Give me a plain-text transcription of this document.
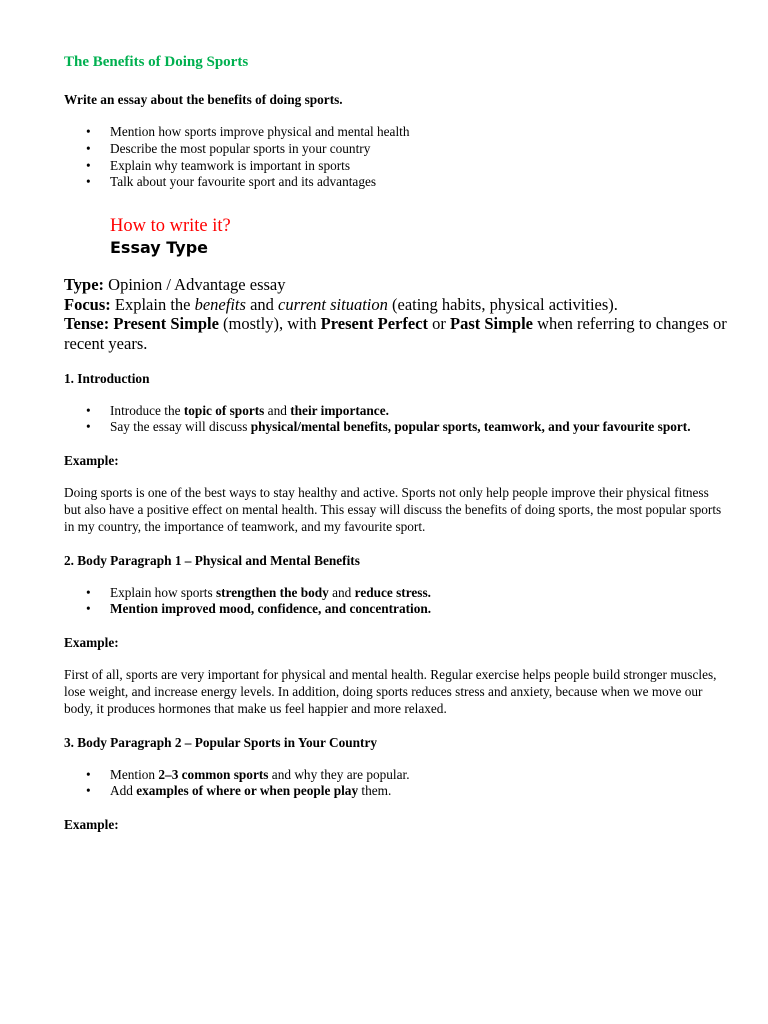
The Benefits of Doing Sports
Write an essay about the benefits of doing sports.
• Mention how sports improve physical and mental health
• Describe the most popular sports in your country
• Explain why teamwork is important in sports
• Talk about your favourite sport and its advantages
How to write it?
Essay Type

Type: Opinion / Advantage essay

Focus: Explain the benefits and current situation (eating habits, physical activities).

Tense: Present Simple (mostly), with Present Perfect or Past Simple when referring to changes or recent years.

1. Introduction
• Introduce the topic of sports and their importance.
• Say the essay will discuss physical/mental benefits, popular sports, teamwork, and your favourite sport.
Example:

Doing sports is one of the best ways to stay healthy and active. Sports not only help people improve their physical fitness but also have a positive effect on mental health. This essay will discuss the benefits of doing sports, the most popular sports in my country, the importance of teamwork, and my favourite sport.

2. Body Paragraph 1 – Physical and Mental Benefits
• Explain how sports strengthen the body and reduce stress.
• Mention improved mood, confidence, and concentration.
Example:

First of all, sports are very important for physical and mental health. Regular exercise helps people build stronger muscles, lose weight, and increase energy levels. In addition, doing sports reduces stress and anxiety, because when we move our body, it produces hormones that make us feel happier and more relaxed.

3. Body Paragraph 2 – Popular Sports in Your Country
• Mention 2–3 common sports and why they are popular.
• Add examples of where or when people play them.
Example:
